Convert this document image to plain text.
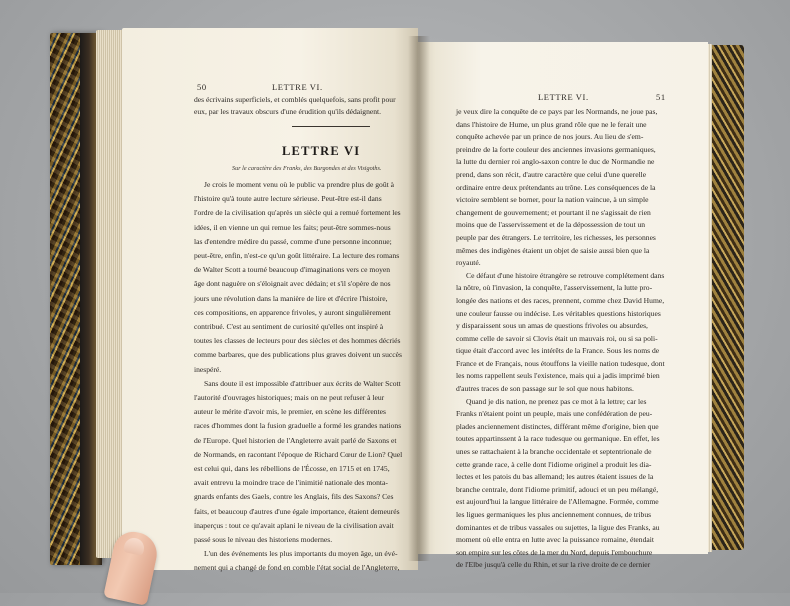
50	LETTRE VI.
des écrivains superficiels, et comblés quelquefois, sans profit pour
eux, par les travaux obscurs d'une érudition qu'ils dédaignent.
LETTRE VI
Sur le caractère des Franks, des Burgondes et des Visigoths.
Je crois le moment venu où le public va prendre plus de goût à
l'histoire qu'à toute autre lecture sérieuse. Peut-être est-il dans
l'ordre de la civilisation qu'après un siècle qui a remué fortement les
idées, il en vienne un qui remue les faits; peut-être sommes-nous
las d'entendre médire du passé, comme d'une personne inconnue;
peut-être, enfin, n'est-ce qu'un goût littéraire. La lecture des romans
de Walter Scott a tourné beaucoup d'imaginations vers ce moyen
âge dont naguère on s'éloignait avec dédain; et s'il s'opère de nos
jours une révolution dans la manière de lire et d'écrire l'histoire,
ces compositions, en apparence frivoles, y auront singulièrement
contribué. C'est au sentiment de curiosité qu'elles ont inspiré à
toutes les classes de lecteurs pour des siècles et des hommes décriés
comme barbares, que des publications plus graves doivent un succès
inespéré.
Sans doute il est impossible d'attribuer aux écrits de Walter Scott
l'autorité d'ouvrages historiques; mais on ne peut refuser à leur
auteur le mérite d'avoir mis, le premier, en scène les différentes
races d'hommes dont la fusion graduelle a formé les grandes nations
de l'Europe. Quel historien de l'Angleterre avait parlé de Saxons et
de Normands, en racontant l'époque de Richard Cœur de Lion? Quel
est celui qui, dans les rébellions de l'Écosse, en 1715 et en 1745,
avait entrevu la moindre trace de l'inimitié nationale des monta-
gnards enfants des Gaels, contre les Anglais, fils des Saxons? Ces
faits, et beaucoup d'autres d'une égale importance, étaient demeurés
inaperçus : tout ce qu'avait aplani le niveau de la civilisation avait
passé sous le niveau des historiens modernes.
L'un des événements les plus importants du moyen âge, un évé-
nement qui a changé de fond en comble l'état social de l'Angleterre,
LETTRE VI.	51
je veux dire la conquête de ce pays par les Normands, ne joue pas,
dans l'histoire de Hume, un plus grand rôle que ne le ferait une
conquête achevée par un prince de nos jours. Au lieu de s'em-
preindre de la forte couleur des anciennes invasions germaniques,
la lutte du dernier roi anglo-saxon contre le duc de Normandie ne
prend, dans son récit, d'autre caractère que celui d'une querelle
ordinaire entre deux prétendants au trône. Les conséquences de la
victoire semblent se borner, pour la nation vaincue, à un simple
changement de gouvernement; et pourtant il ne s'agissait de rien
moins que de l'asservissement et de la dépossession de tout un
peuple par des étrangers. Le territoire, les richesses, les personnes
mêmes des indigènes étaient un objet de saisie aussi bien que la
royauté.
Ce défaut d'une histoire étrangère se retrouve complétement dans
la nôtre, où l'invasion, la conquête, l'asservissement, la lutte pro-
longée des nations et des races, prennent, comme chez David Hume,
une couleur fausse ou indécise. Les véritables questions historiques
y disparaissent sous un amas de questions frivoles ou absurdes,
comme celle de savoir si Clovis était un mauvais roi, ou si sa poli-
tique était d'accord avec les intérêts de la France. Sous les noms de
France et de Français, nous étouffons la vieille nation tudesque, dont
les noms rappellent seuls l'existence, mais qui a jadis imprimé bien
d'autres traces de son passage sur le sol que nous habitons.
Quand je dis nation, ne prenez pas ce mot à la lettre; car les
Franks n'étaient point un peuple, mais une confédération de peu-
plades anciennement distinctes, différant même d'origine, bien que
toutes appartinssent à la race tudesque ou germanique. En effet, les
unes se rattachaient à la branche occidentale et septentrionale de
cette grande race, à celle dont l'idiome originel a produit les dia-
lectes et les patois du bas allemand; les autres étaient issues de la
branche centrale, dont l'idiome primitif, adouci et un peu mélangé,
est aujourd'hui la langue littéraire de l'Allemagne. Formée, comme
les ligues germaniques les plus anciennement connues, de tribus
dominantes et de tribus vassales ou sujettes, la ligue des Franks, au
moment où elle entra en lutte avec la puissance romaine, étendait
son empire sur les côtes de la mer du Nord, depuis l'embouchure
de l'Elbe jusqu'à celle du Rhin, et sur la rive droite de ce dernier
